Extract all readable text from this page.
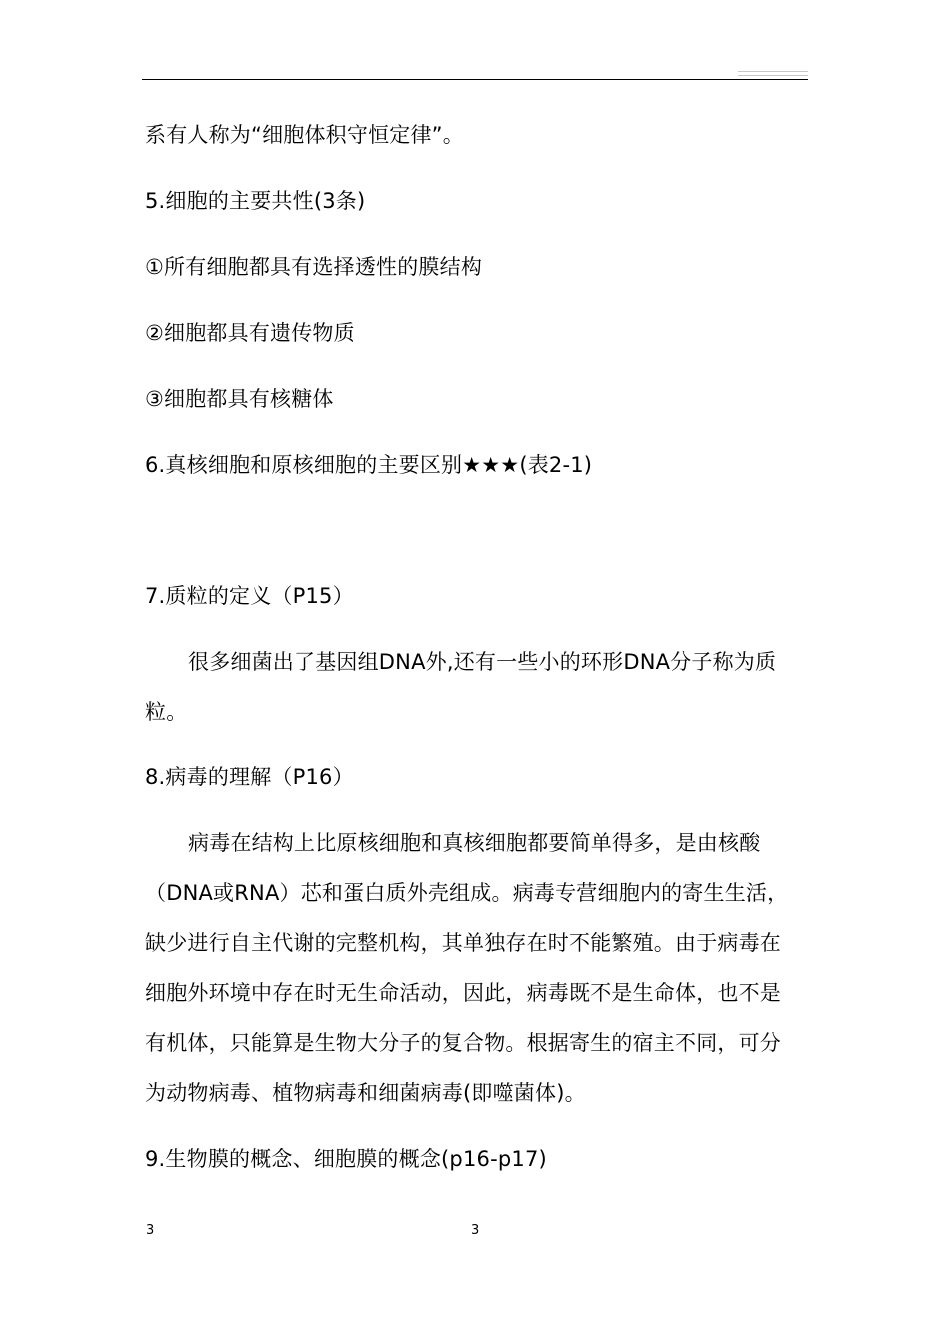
系有人称为“细胞体积守恒定律”。
5.细胞的主要共性(3条)
①所有细胞都具有选择透性的膜结构
②细胞都具有遗传物质
③细胞都具有核糖体
6.真核细胞和原核细胞的主要区别★★★(表2-1)
7.质粒的定义（P15）
很多细菌出了基因组DNA外,还有一些小的环形DNA分子称为质
粒。
8.病毒的理解（P16）
病毒在结构上比原核细胞和真核细胞都要简单得多，是由核酸
（DNA或RNA）芯和蛋白质外壳组成。病毒专营细胞内的寄生生活，
缺少进行自主代谢的完整机构，其单独存在时不能繁殖。由于病毒在
细胞外环境中存在时无生命活动，因此，病毒既不是生命体，也不是
有机体，只能算是生物大分子的复合物。根据寄生的宿主不同，可分
为动物病毒、植物病毒和细菌病毒(即噬菌体)。
9.生物膜的概念、细胞膜的概念(p16-p17)
3	3
